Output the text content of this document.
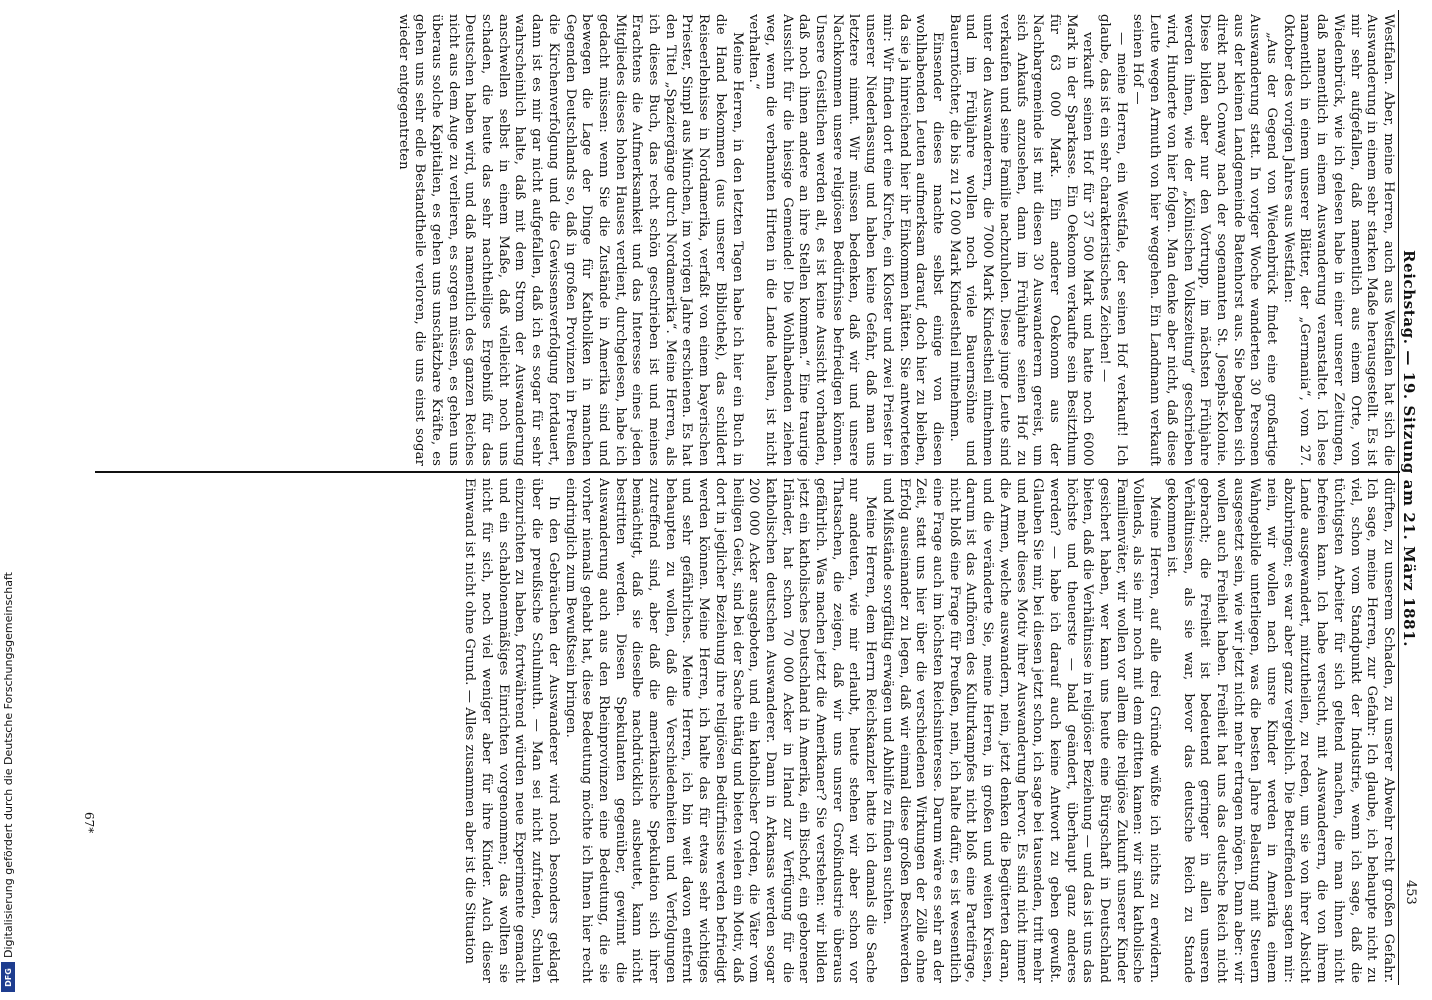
Reichstag. — 19. Sitzung am 21. März 1881.
453

Westfalen. Aber, meine Herren, auch aus Westfalen hat sich die Auswanderung in einem sehr starken Maße herausgestellt. Es ist mir sehr aufgefallen, daß namentlich aus einem Orte, von Wiedenbrück, wie ich gelesen habe in einer unserer Zeitungen, daß namentlich in einem Auswanderung veranstaltet. Ich lese namentlich in einem unserer Blätter, der „Germania“, vom 27. Oktober des vorigen Jahres aus Westfalen:

„Aus der Gegend von Wiedenbrück findet eine großartige Auswanderung statt. In voriger Woche wanderten 30 Personen aus der kleinen Landgemeinde Batenhorst aus. Sie begaben sich direkt nach Conway nach der sogenannten St. Josephs-Kolonie. Diese bilden aber nur den Vortrupp, im nächsten Frühjahre werden ihnen, wie der „Kölnischen Volkszeitung“ geschrieben wird, Hunderte von hier folgen. Man denke aber nicht, daß diese Leute wegen Armuth von hier weggehen. Ein Landmann verkauft seinen Hof —

— meine Herren, ein Westfale, der seinen Hof verkauft! Ich glaube, das ist ein sehr charakteristisches Zeichen! —

verkauft seinen Hof für 37 500 Mark und hatte noch 6000 Mark in der Sparkasse. Ein Oekonom verkaufte sein Besitzthum für 63 000 Mark. Ein anderer Oekonom aus der Nachbargemeinde ist mit diesen 30 Auswanderern gereist, um sich Ankaufs anzusehen, dann im Frühjahre seinen Hof zu verkaufen und seine Familie nachzuholen. Diese junge Leute sind unter den Auswanderern, die 7000 Mark Kindestheil mitnehmen und im Frühjahre wollen noch viele Bauernsöhne und Bauerntöchter, die bis zu 12 000 Mark Kindestheil mitnehmen.

Einsender dieses machte selbst einige von diesen wohlhabenden Leuten aufmerksam darauf, doch hier zu bleiben, da sie ja hinreichend hier ihr Einkommen hätten. Sie antworteten mir: Wir finden dort eine Kirche, ein Kloster und zwei Priester in unserer Niederlassung und haben keine Gefahr, daß man uns letztere nimmt. Wir müssen bedenken, daß wir und unsere Nachkommen unsere religiösen Bedürfnisse befriedigen können. Unsere Geistlichen werden alt, es ist keine Aussicht vorhanden, daß noch ihnen andere an ihre Stellen kommen.“ Eine traurige Aussicht für die hiesige Gemeinde! Die Wohlhabenden ziehen weg, wenn die verbannten Hirten in die Lande halten, ist nicht verhalten.“

Meine Herren, in den letzten Tagen habe ich hier ein Buch in die Hand bekommen (aus unserer Bibliothek), das schildert Reiseerlebnisse in Nordamerika, verfaßt von einem bayerischen Priester, Simpl aus München, im vorigen Jahre erschienen. Es hat den Titel „Spaziergänge durch Nordamerika“. Meine Herren, als ich dieses Buch, das recht schön geschrieben ist und meines Erachtens die Aufmerksamkeit und das Interesse eines jeden Mitgliedes dieses hohen Hauses verdient, durchgelesen, habe ich gedacht müssen: wenn Sie die Zustände in Amerika sind und bewegen die Lage der Dinge für Katholiken in manchen Gegenden Deutschlands so, daß in großen Provinzen in Preußen die Kirchenverfolgung und die Gewissensverfolgung fortdauert, dann ist es mir gar nicht aufgefallen, daß ich es sogar für sehr wahrscheinlich halte, daß mit dem Strom der Auswanderung anschwellen selbst in einem Maße, daß vielleicht noch uns schaden, die heute das sehr nachtheiliges Ergebniß für das Deutschen haben wird, und daß namentlich des ganzen Reiches nicht aus dem Auge zu verlieren, es sorgen müssen, es gehen uns überaus solche Kapitalien, es gehen uns unschätzbare Kräfte, es gehen uns sehr edle Bestandtheile verloren, die uns einst sogar wieder entgegentreten

dürften, zu unserem Schaden, zu unserer Abwehr recht großen Gefahr. Ich sage, meine Herren, zur Gefahr: Ich glaube, ich behaupte nicht zu viel, schon vom Standpunkt der Industrie, wenn ich sage, daß die tüchtigsten Arbeiter für sich geltend machen, die man ihnen nicht befreien kann. Ich habe versucht, mit Auswanderern, die von ihrem Lande ausgewandert, mitzutheilen, zu reden, um sie von ihrer Absicht abzubringen; es war aber ganz vergeblich. Die Betreffenden sagten mir: nein, wir wollen nach unsre Kinder werden in Amerika einem Wahngebilde unterliegen, was die besten Jahre Belastung mit Steuern ausgesetzt sein, wie wir jetzt nicht mehr ertragen mögen. Dann aber: wir wollen auch Freiheit haben. Freiheit hat uns das deutsche Reich nicht gebracht; die Freiheit ist bedeutend geringer in allen unseren Verhältnissen, als sie war, bevor das deutsche Reich zu Stande gekommen ist.

Meine Herren, auf alle drei Gründe wüßte ich nichts zu erwidern. Vollends, als sie mir noch mit dem dritten kamen: wir sind katholische Familienväter, wir wollen vor allem die religiöse Zukunft unserer Kinder gesichert haben, wer kann uns heute eine Bürgschaft in Deutschland bieten, daß die Verhältnisse in religiöser Beziehung — und das ist uns das höchste und theuerste — bald geändert, überhaupt ganz anderes werden? — habe ich darauf auch keine Antwort zu geben gewußt. Glauben Sie mir, bei diesen jetzt schon, ich sage bei tausenden, tritt mehr und mehr dieses Motiv ihrer Auswanderung hervor. Es sind nicht immer die Armen, welche auswandern, nein, jetzt denken die Begüterten daran, und die veränderte Sie, meine Herren, in großen und weiten Kreisen, darum ist das Aufhören des Kulturkampfes nicht bloß eine Parteifrage, nicht bloß eine Frage für Preußen, nein, ich halte dafür, es ist wesentlich eine Frage auch im höchsten Reichsinteresse. Darum wäre es sehr an der Zeit, statt uns hier über die verschiedenen Wirkungen der Zölle ohne Erfolg auseinander zu legen, daß wir einmal diese großen Beschwerden und Mißstände sorgfältig erwägen und Abhilfe zu finden suchten.

Meine Herren, dem Herrn Reichskanzler hatte ich damals die Sache nur andeuten, wie mir erlaubt, heute stehen wir aber schon vor Thatsachen, die zeigen, daß wir uns unsrer Großindustrie überaus gefährlich. Was machen jetzt die Amerikaner? Sie verstehen: wir bilden jetzt ein katholisches Deutschland in Amerika, ein Bischof, ein geborener Irländer, hat schon 70 000 Acker in Irland zur Verfügung für die katholischen deutschen Auswanderer. Dann in Arkansas werden sogar 200 000 Acker ausgeboten, und ein katholischer Orden, die Väter vom heiligen Geist, sind bei der Sache thätig und bieten vielen ein Motiv, daß dort in jeglicher Beziehung ihre religiösen Bedürfnisse werden befriedigt werden können. Meine Herren, ich halte das für etwas sehr wichtiges und sehr gefährliches. Meine Herren, ich bin weit davon entfernt behaupten zu wollen, daß die Verschiedenheiten und Verfolgungen zutreffend sind, aber daß die amerikanische Spekulation sich ihrer bemächtigt, daß sie dieselbe nachdrücklich ausbeutet, kann nicht bestritten werden. Diesen Spekulanten gegenüber, gewinnt die Auswanderung auch aus den Rheinprovinzen eine Bedeutung, die sie vorher niemals gehabt hat, diese Bedeutung möchte ich Ihnen hier recht eindringlich zum Bewußtsein bringen.

In den Gebräuchen der Auswanderer wird noch besonders geklagt über die preußische Schulmuth. — Man sei nicht zufrieden, Schulen einzurichten zu haben, fortwährend würden neue Experimente gemacht und ein schablonenmäßiges Einrichten vorgenommen; das wollten sie nicht für sich, noch viel weniger aber für ihre Kinder. Auch dieser Einwand ist nicht ohne Grund. — Alles zusammen aber ist die Situation

67*
Digitalisierung gefördert durch die Deutsche Forschungsgemeinschaft
DFG
